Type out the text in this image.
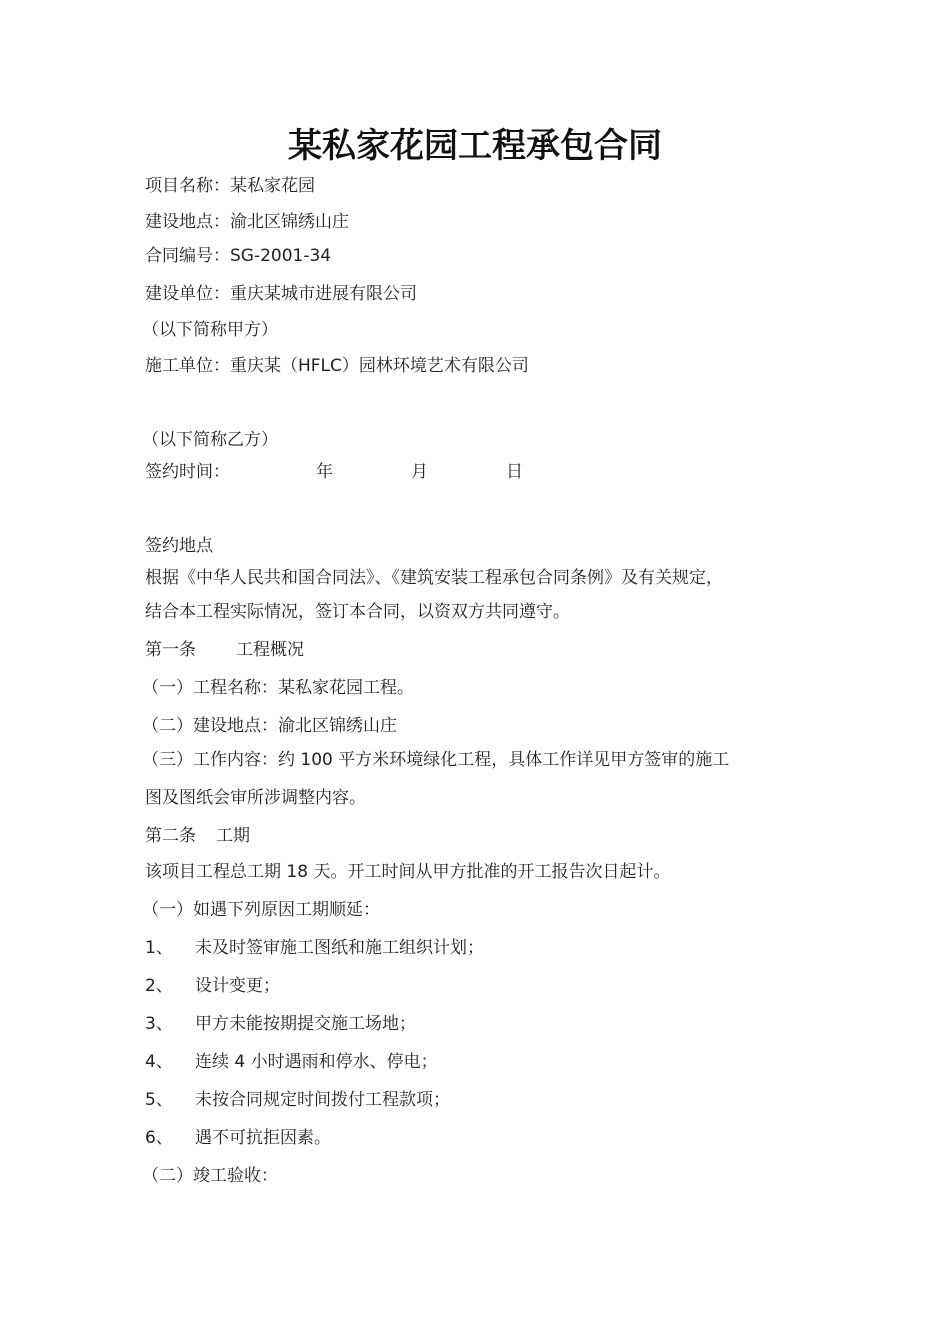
某私家花园工程承包合同
项目名称：某私家花园
建设地点：渝北区锦绣山庄
合同编号：SG-2001-34
建设单位：重庆某城市进展有限公司
（以下简称甲方）
施工单位：重庆某（HFLC）园林环境艺术有限公司
（以下简称乙方）
签约时间：	年	月	日
签约地点
根据《中华人民共和国合同法》、《建筑安装工程承包合同条例》及有关规定，
结合本工程实际情况，签订本合同，以资双方共同遵守。
第一条 工程概况
（一）工程名称：某私家花园工程。
（二）建设地点：渝北区锦绣山庄
（三）工作内容：约 100 平方米环境绿化工程，具体工作详见甲方签审的施工
图及图纸会审所涉调整内容。
第二条 工期
该项目工程总工期 18 天。开工时间从甲方批准的开工报告次日起计。
（一）如遇下列原因工期顺延：
1、 未及时签审施工图纸和施工组织计划；
2、 设计变更；
3、 甲方未能按期提交施工场地；
4、 连续 4 小时遇雨和停水、停电；
5、 未按合同规定时间拨付工程款项；
6、 遇不可抗拒因素。
（二）竣工验收：
